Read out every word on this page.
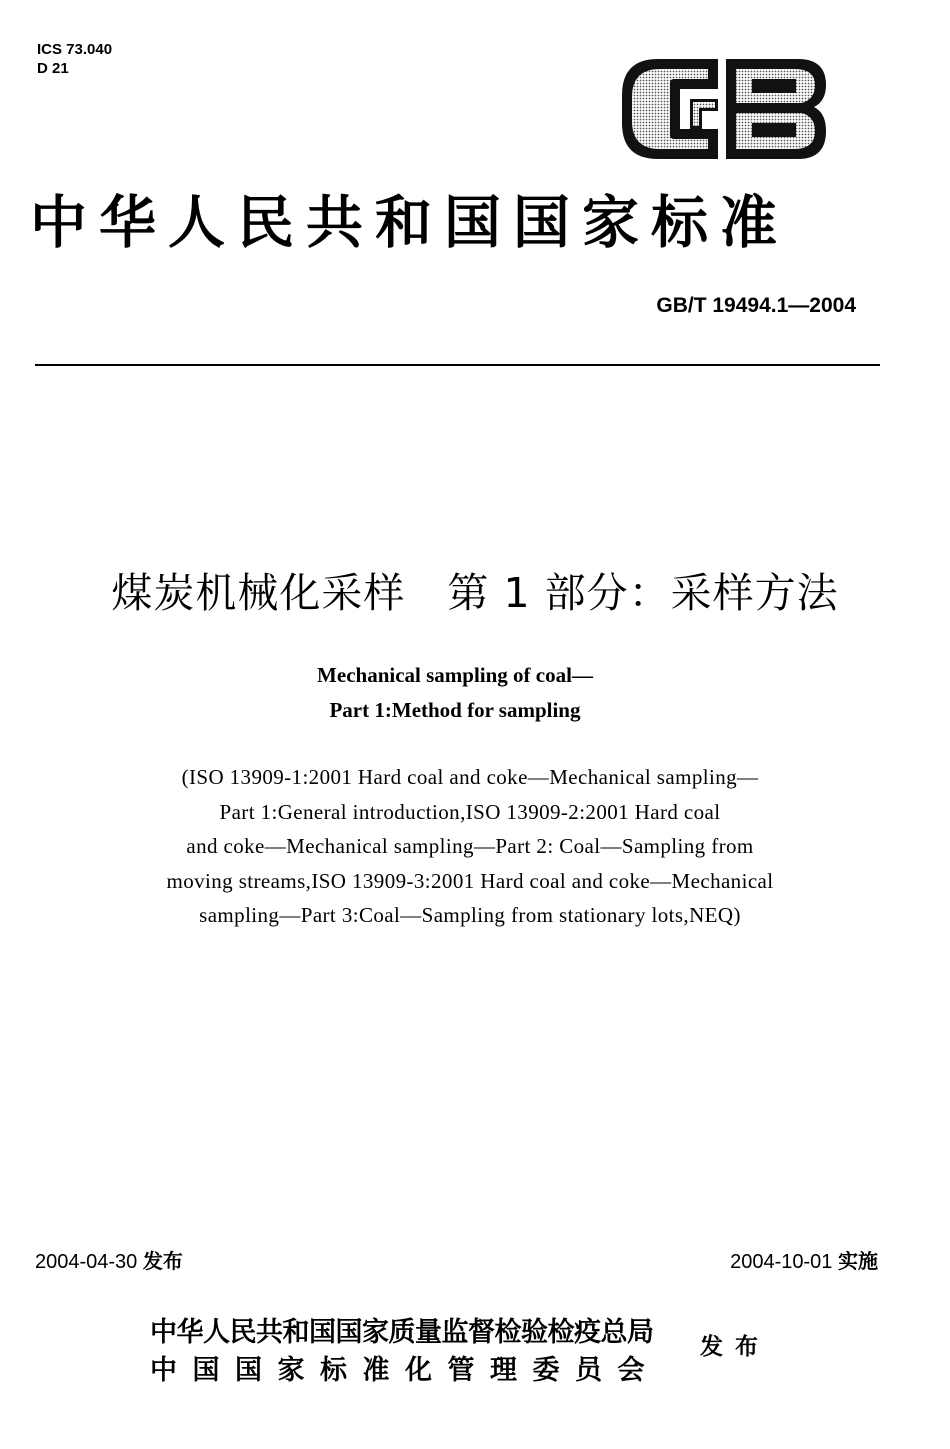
ICS 73.040
D 21
中华人民共和国国家标准
GB/T 19494.1—2004
煤炭机械化采样　第 1 部分：采样方法
Mechanical sampling of coal—
Part 1:Method for sampling
(ISO 13909-1:2001 Hard coal and coke—Mechanical sampling—
Part 1:General introduction,ISO 13909-2:2001 Hard coal
and coke—Mechanical sampling—Part 2: Coal—Sampling from
moving streams,ISO 13909-3:2001 Hard coal and coke—Mechanical
sampling—Part 3:Coal—Sampling from stationary lots,NEQ)
2004-04-30 发布	2004-10-01 实施
中华人民共和国国家质量监督检验检疫总局
中国国家标准化管理委员会
发布
